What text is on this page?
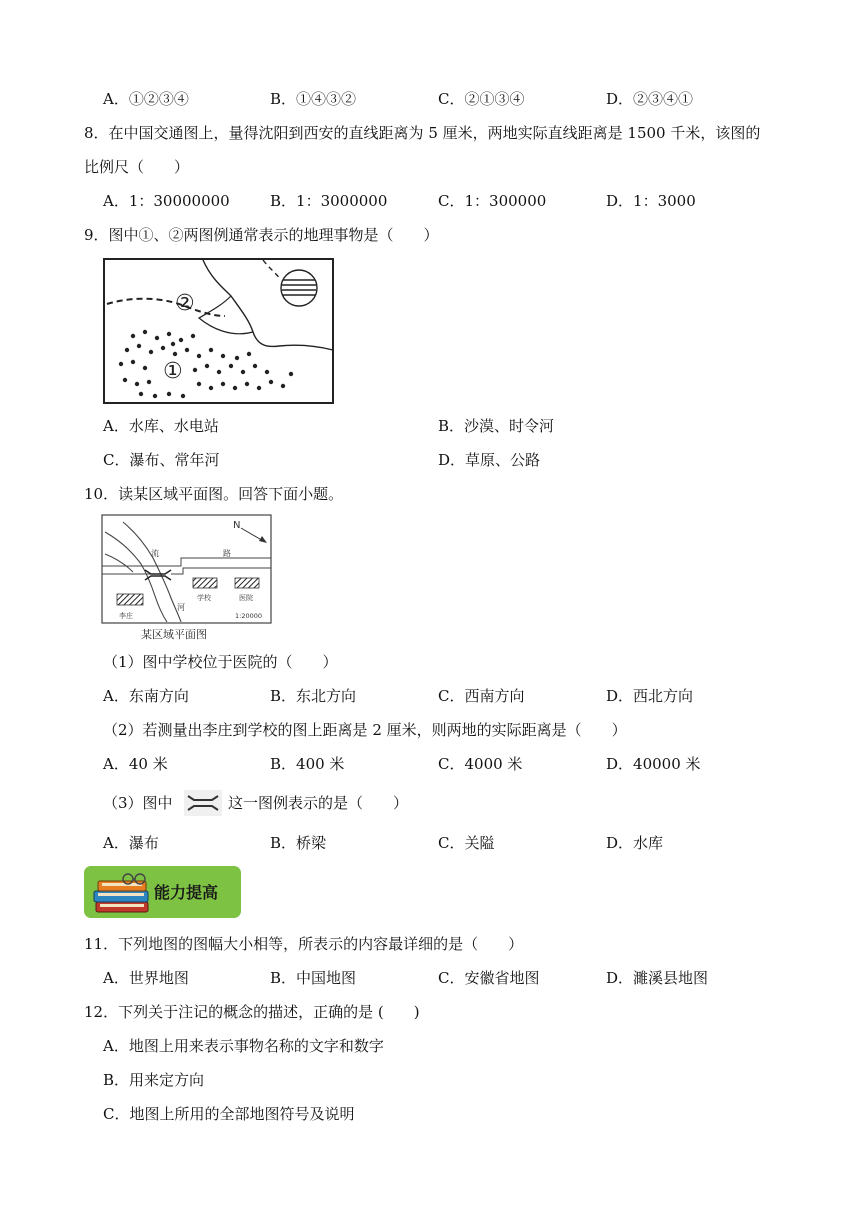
A．①②③④	B．①④③②	C．②①③④	D．②③④①
8．在中国交通图上，量得沈阳到西安的直线距离为 5 厘米，两地实际直线距离是 1500 千米，该图的
比例尺（　　）
A．1：30000000	B．1：3000000	C．1：300000	D．1：3000
9．图中①、②两图例通常表示的地理事物是（　　）
②
①
A．水库、水电站	B．沙漠、时令河
C．瀑布、常年河	D．草原、公路
10．读某区域平面图。回答下面小题。
N
流
河
路
学校	医院
李庄	1:20000
某区域平面图
（1）图中学校位于医院的（　　）
A．东南方向	B．东北方向	C．西南方向	D．西北方向
（2）若测量出李庄到学校的图上距离是 2 厘米，则两地的实际距离是（　　）
A．40 米	B．400 米	C．4000 米	D．40000 米
（3）图中	这一图例表示的是（　　）
A．瀑布	B．桥梁	C．关隘	D．水库
能力提高
11．下列地图的图幅大小相等，所表示的内容最详细的是（　　）
A．世界地图	B．中国地图	C．安徽省地图	D．濉溪县地图
12．下列关于注记的概念的描述，正确的是 (　　)
A．地图上用来表示事物名称的文字和数字
B．用来定方向
C．地图上所用的全部地图符号及说明
